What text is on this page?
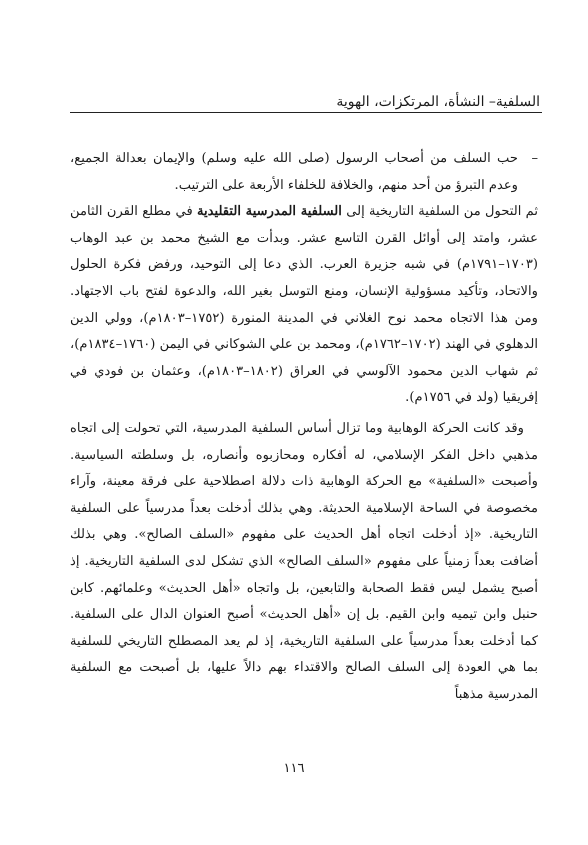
السلفية– النشأة، المرتكزات، الهوية
–
حب السلف من أصحاب الرسول (صلى الله عليه وسلم) والإيمان بعدالة الجميع، وعدم التبرؤ من أحد منهم، والخلافة للخلفاء الأربعة على الترتيب.

ثم التحول من السلفية التاريخية إلى السلفية المدرسية التقليدية في مطلع القرن الثامن عشر، وامتد إلى أوائل القرن التاسع عشر. وبدأت مع الشيخ محمد بن عبد الوهاب (١٧٠٣–١٧٩١م) في شبه جزيرة العرب. الذي دعا إلى التوحيد، ورفض فكرة الحلول والاتحاد، وتأكيد مسؤولية الإنسان، ومنع التوسل بغير الله، والدعوة لفتح باب الاجتهاد. ومن هذا الاتجاه محمد نوح الغلاني في المدينة المنورة (١٧٥٢–١٨٠٣م)، وولي الدين الدهلوي في الهند (١٧٠٢–١٧٦٢م)، ومحمد بن علي الشوكاني في اليمن (١٧٦٠–١٨٣٤م)، ثم شهاب الدين محمود الآلوسي في العراق (١٨٠٢–١٨٠٣م)، وعثمان بن فودي في إفريقيا (ولد في ١٧٥٦م).

وقد كانت الحركة الوهابية وما تزال أساس السلفية المدرسية، التي تحولت إلى اتجاه مذهبي داخل الفكر الإسلامي، له أفكاره ومحازبوه وأنصاره، بل وسلطته السياسية. وأصبحت «السلفية» مع الحركة الوهابية ذات دلالة اصطلاحية على فرقة معينة، وآراء مخصوصة في الساحة الإسلامية الحديثة. وهي بذلك أدخلت بعداً مدرسياً على السلفية التاريخية. «إذ أدخلت اتجاه أهل الحديث على مفهوم «السلف الصالح». وهي بذلك أضافت بعداً زمنياً على مفهوم «السلف الصالح» الذي تشكل لدى السلفية التاريخية. إذ أصبح يشمل ليس فقط الصحابة والتابعين، بل واتجاه «أهل الحديث» وعلمائهم. كابن حنبل وابن تيميه وابن القيم. بل إن «أهل الحديث» أصبح العنوان الدال على السلفية. كما أدخلت بعداً مدرسياً على السلفية التاريخية، إذ لم يعد المصطلح التاريخي للسلفية بما هي العودة إلى السلف الصالح والاقتداء بهم دالاً عليها، بل أصبحت مع السلفية المدرسية مذهباً

١١٦
